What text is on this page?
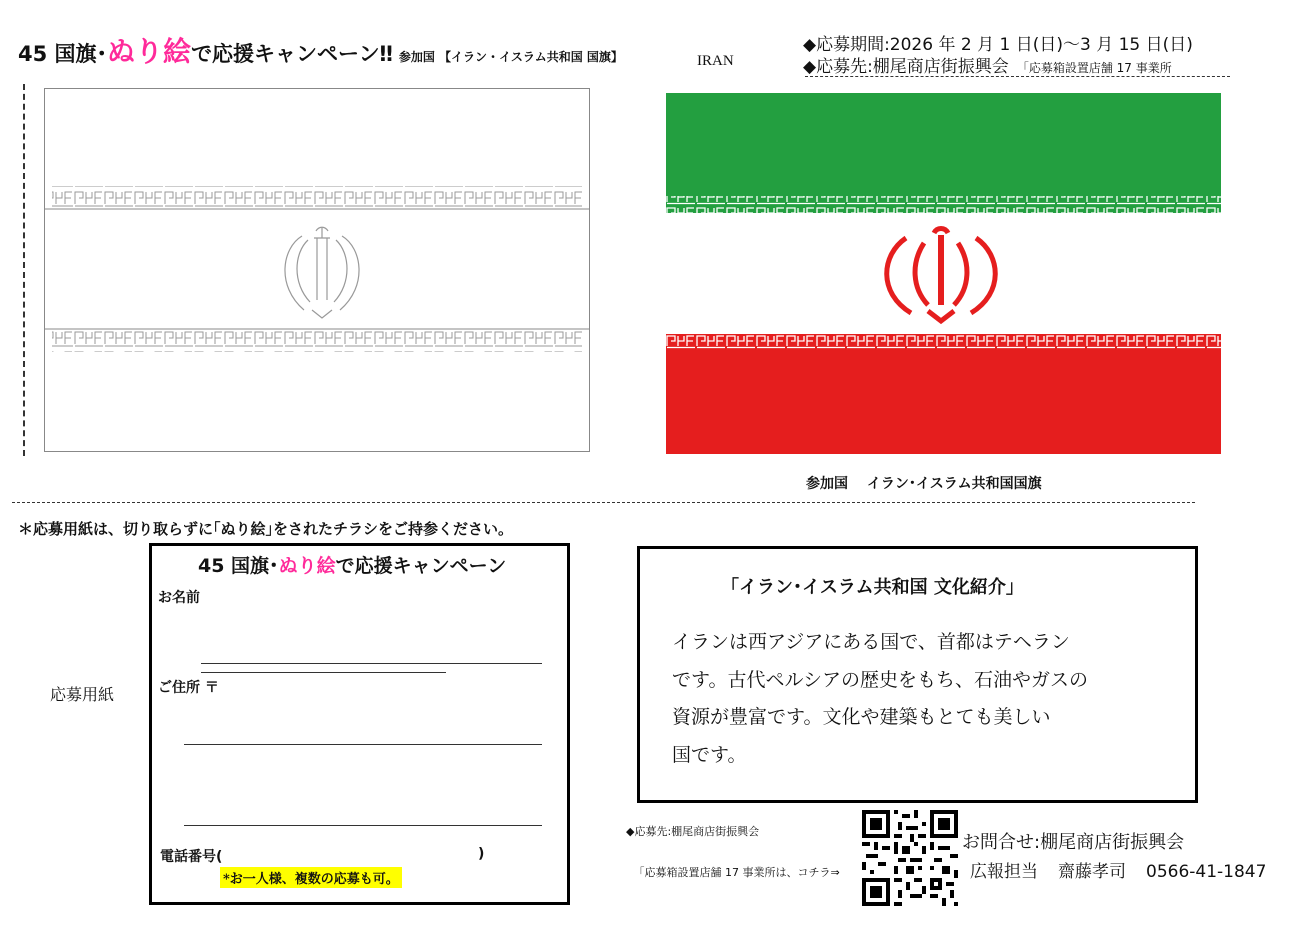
45 国旗･ぬり絵で応援キャンペーン‼ 参加国 【イラン・イスラム共和国 国旗】	IRAN
◆応募期間:2026 年 2 月 1 日(日)～3 月 15 日(日)
◆応募先:棚尾商店街振興会 「応募箱設置店舗 17 事業所
参加国　 イラン･イスラム共和国国旗
＊応募用紙は、切り取らずに｢ぬり絵｣をされたチラシをご持参ください。
応募用紙
45 国旗･ぬり絵で応援キャンペーン
お名前
ご住所 〒
電話番号(	)
*お一人様、複数の応募も可。
｢イラン･イスラム共和国 文化紹介｣
イランは西アジアにある国で、首都はテヘラン
です。古代ペルシアの歴史をもち、石油やガスの
資源が豊富です。文化や建築もとても美しい
国です。
◆応募先:棚尾商店街振興会
｢応募箱設置店舗 17 事業所は、コチラ⇒
お問合せ:棚尾商店街振興会
広報担当 齋藤孝司 0566-41-1847
